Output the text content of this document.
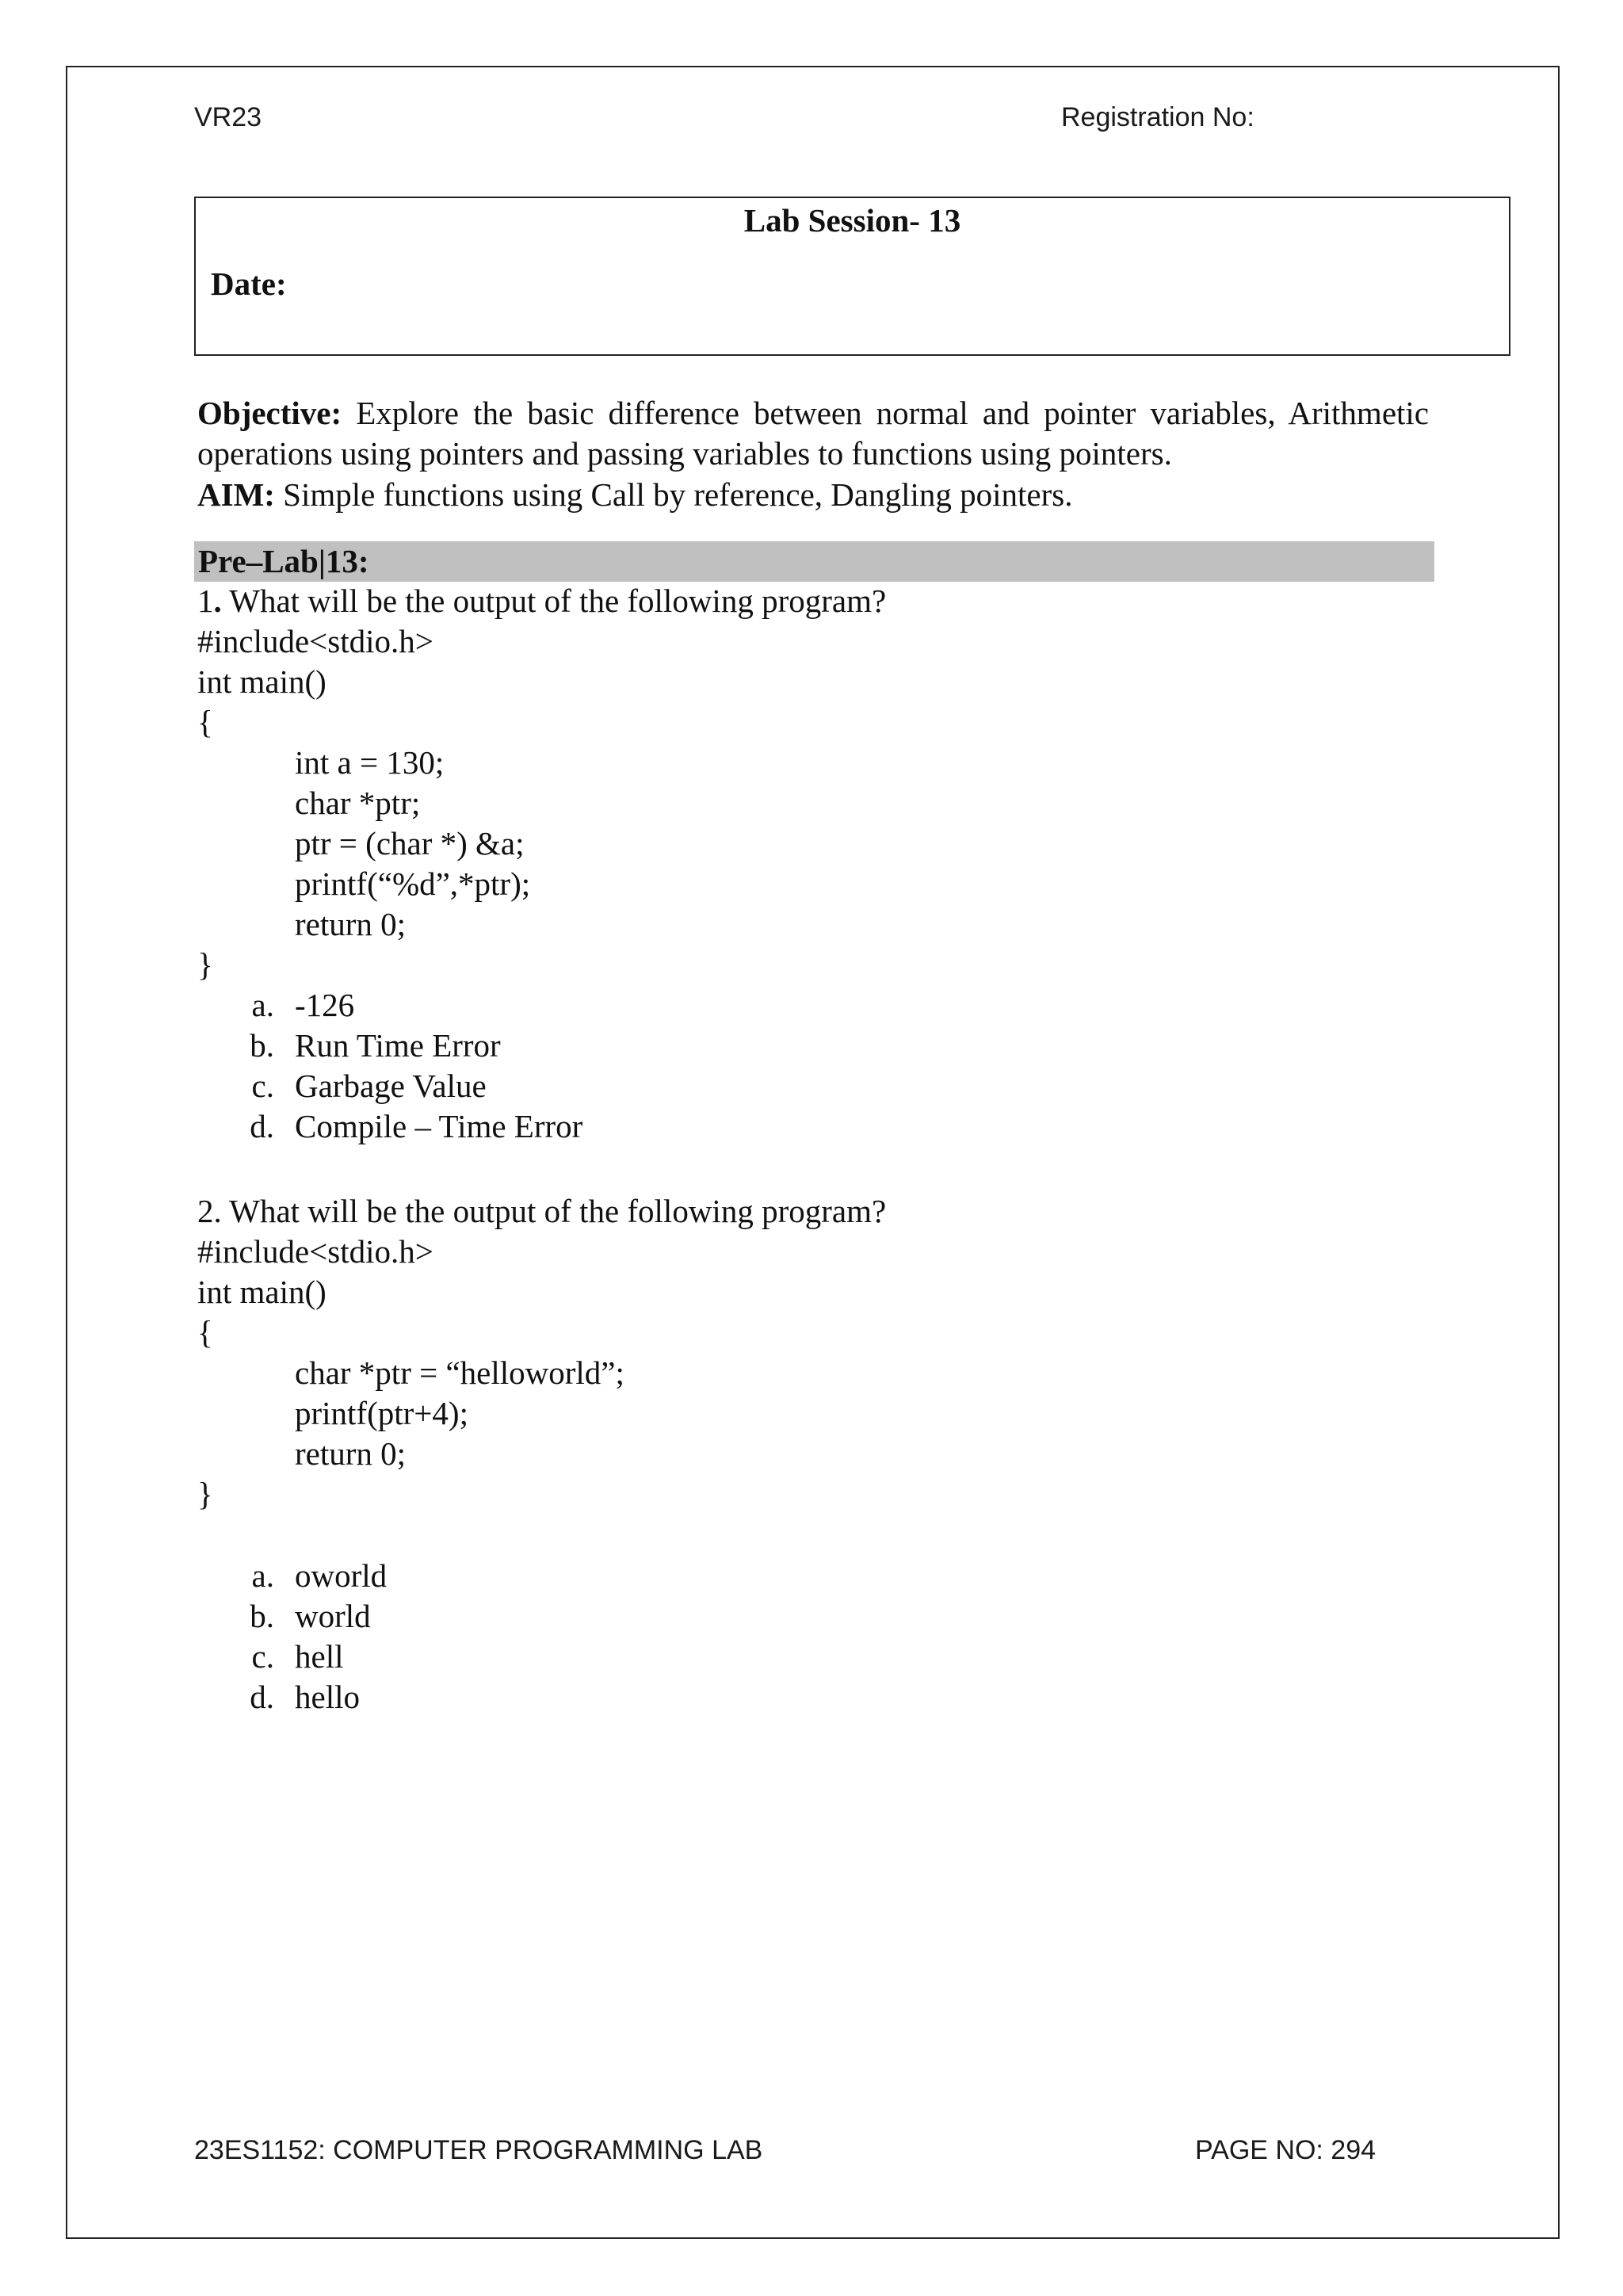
VR23	Registration No:
Lab Session- 13
Date:
Objective: Explore the basic difference between normal and pointer variables, Arithmetic operations using pointers and passing variables to functions using pointers.
AIM: Simple functions using Call by reference, Dangling pointers.
Pre–Lab|13:
1. What will be the output of the following program?
#include<stdio.h>
int main()
{
int a = 130;
char *ptr;
ptr = (char *) &a;
printf(“%d”,*ptr);
return 0;
}
a. -126
b. Run Time Error
c. Garbage Value
d. Compile – Time Error
2. What will be the output of the following program?
#include<stdio.h>
int main()
{
char *ptr = “helloworld”;
printf(ptr+4);
return 0;
}
a. oworld
b. world
c. hell
d. hello
23ES1152: COMPUTER PROGRAMMING LAB	PAGE NO: 294
